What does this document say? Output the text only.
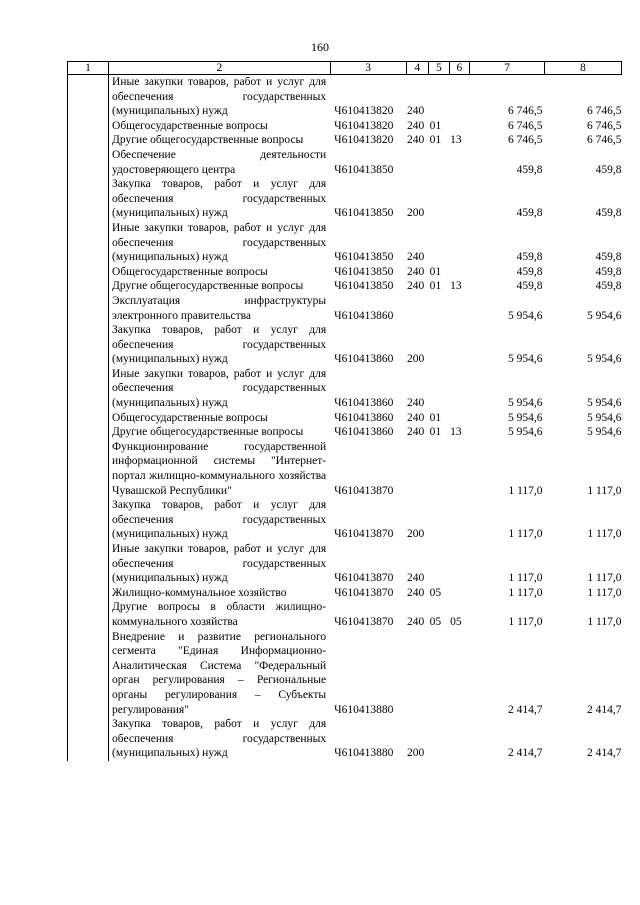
160
1	2	3	4	5	6	7	8
	Иные закупки товаров, работ и услуг для обеспечения государственных (муниципальных) нужд	Ч610413820	240			6 746,5	6 746,5
	Общегосударственные вопросы	Ч610413820	240	01		6 746,5	6 746,5
	Другие общегосударственные вопросы	Ч610413820	240	01	13	6 746,5	6 746,5
	Обеспечение деятельности удостоверяющего центра	Ч610413850				459,8	459,8
	Закупка товаров, работ и услуг для обеспечения государственных (муниципальных) нужд	Ч610413850	200			459,8	459,8
	Иные закупки товаров, работ и услуг для обеспечения государственных (муниципальных) нужд	Ч610413850	240			459,8	459,8
	Общегосударственные вопросы	Ч610413850	240	01		459,8	459,8
	Другие общегосударственные вопросы	Ч610413850	240	01	13	459,8	459,8
	Эксплуатация инфраструктуры электронного правительства	Ч610413860				5 954,6	5 954,6
	Закупка товаров, работ и услуг для обеспечения государственных (муниципальных) нужд	Ч610413860	200			5 954,6	5 954,6
	Иные закупки товаров, работ и услуг для обеспечения государственных (муниципальных) нужд	Ч610413860	240			5 954,6	5 954,6
	Общегосударственные вопросы	Ч610413860	240	01		5 954,6	5 954,6
	Другие общегосударственные вопросы	Ч610413860	240	01	13	5 954,6	5 954,6
	Функционирование государственной информационной системы "Интернет-портал жилищно-коммунального хозяйства Чувашской Республики"	Ч610413870				1 117,0	1 117,0
	Закупка товаров, работ и услуг для обеспечения государственных (муниципальных) нужд	Ч610413870	200			1 117,0	1 117,0
	Иные закупки товаров, работ и услуг для обеспечения государственных (муниципальных) нужд	Ч610413870	240			1 117,0	1 117,0
	Жилищно-коммунальное хозяйство	Ч610413870	240	05		1 117,0	1 117,0
	Другие вопросы в области жилищно-коммунального хозяйства	Ч610413870	240	05	05	1 117,0	1 117,0
	Внедрение и развитие регионального сегмента "Единая Информационно-Аналитическая Система "Федеральный орган регулирования – Региональные органы регулирования – Субъекты регулирования"	Ч610413880				2 414,7	2 414,7
	Закупка товаров, работ и услуг для обеспечения государственных (муниципальных) нужд	Ч610413880	200			2 414,7	2 414,7
